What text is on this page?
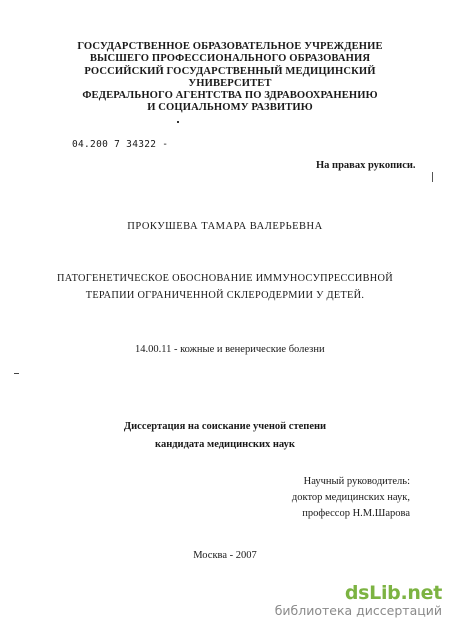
ГОСУДАРСТВЕННОЕ ОБРАЗОВАТЕЛЬНОЕ УЧРЕЖДЕНИЕ
ВЫСШЕГО ПРОФЕССИОНАЛЬНОГО ОБРАЗОВАНИЯ
РОССИЙСКИЙ ГОСУДАРСТВЕННЫЙ МЕДИЦИНСКИЙ
УНИВЕРСИТЕТ
ФЕДЕРАЛЬНОГО АГЕНТСТВА ПО ЗДРАВООХРАНЕНИЮ
И СОЦИАЛЬНОМУ РАЗВИТИЮ
04.200 7 34322 -
На правах рукописи.
ПРОКУШЕВА ТАМАРА ВАЛЕРЬЕВНА
ПАТОГЕНЕТИЧЕСКОЕ ОБОСНОВАНИЕ ИММУНОСУПРЕССИВНОЙ
ТЕРАПИИ ОГРАНИЧЕННОЙ СКЛЕРОДЕРМИИ У ДЕТЕЙ.
14.00.11 - кожные и венерические болезни
Диссертация на соискание ученой степени
кандидата медицинских наук
Научный руководитель:
доктор медицинских наук,
профессор Н.М.Шарова
Москва - 2007
dsLib.net
библиотека диссертаций
